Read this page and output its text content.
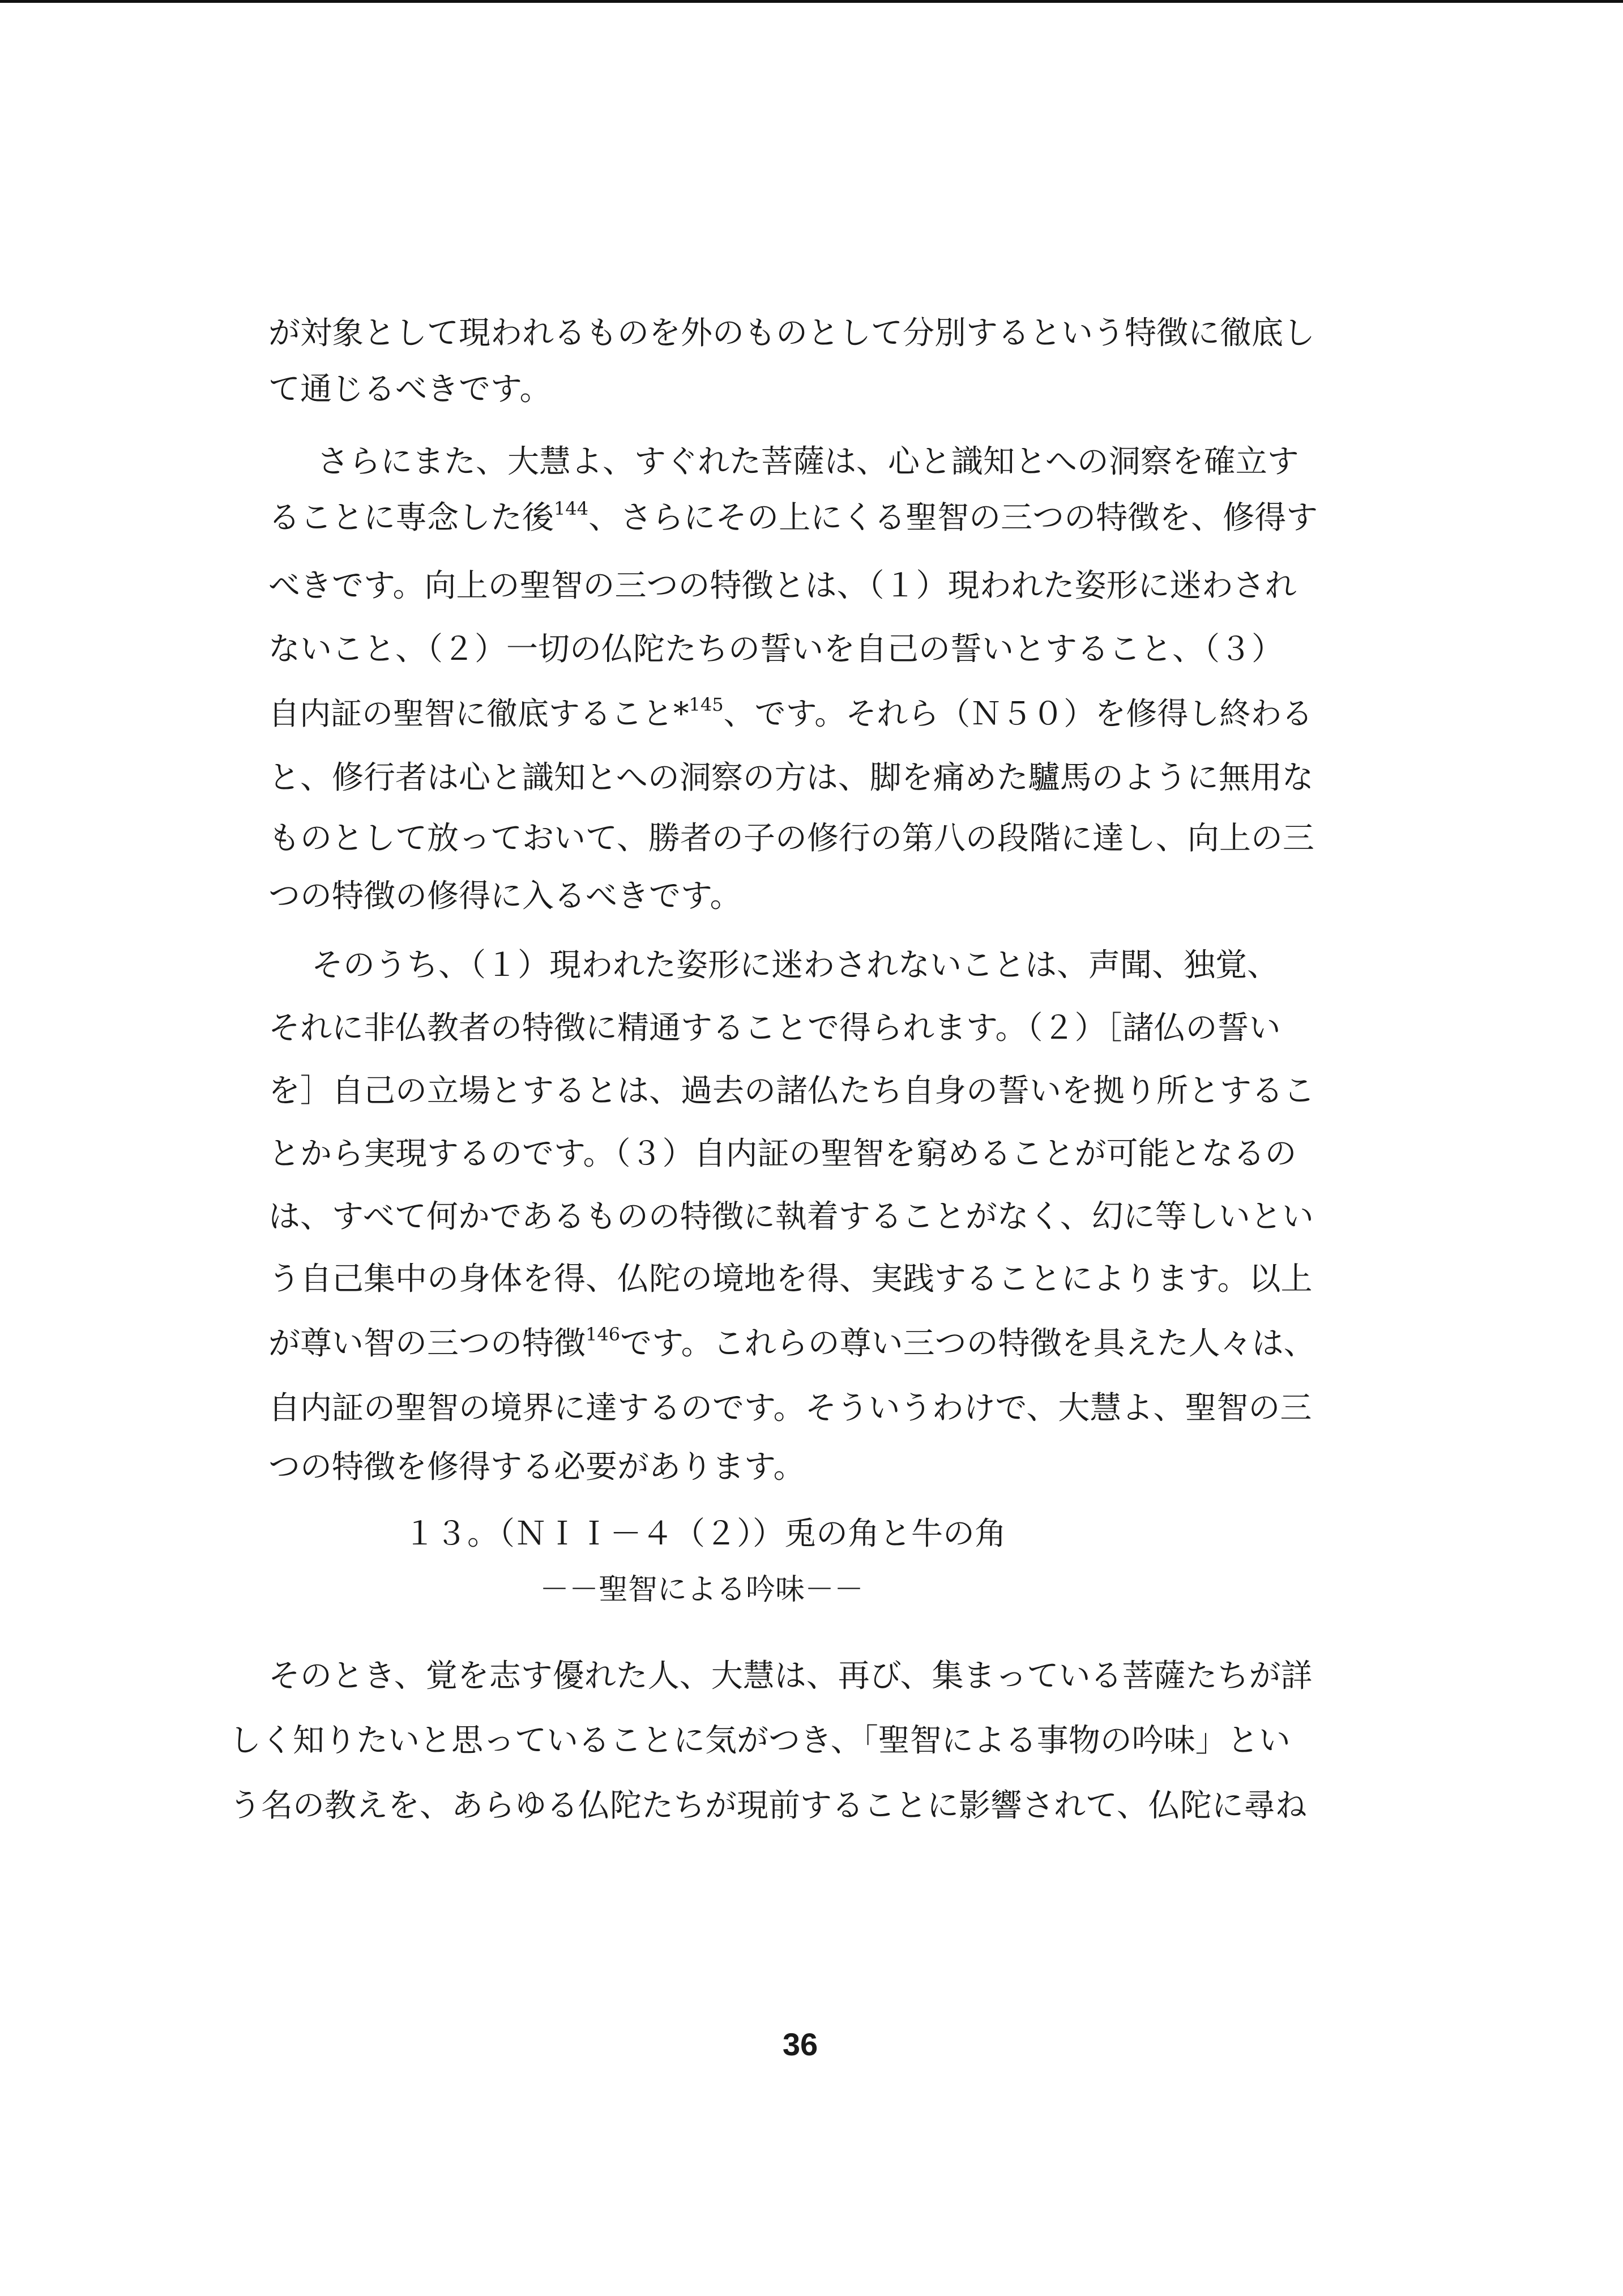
が対象として現われるものを外のものとして分別するという特徴に徹底し

て通じるべきです。

さらにまた、大慧よ、すぐれた菩薩は、心と識知とへの洞察を確立す

ることに専念した後$^{144}$、さらにその上にくる聖智の三つの特徴を、修得す

べきです。向上の聖智の三つの特徴とは、（１）現われた姿形に迷わされ

ないこと、（２）一切の仏陀たちの誓いを自己の誓いとすること、（３）

自内証の聖智に徹底すること*$^{145}$、です。それら（Ｎ５０）を修得し終わる

と、修行者は心と識知とへの洞察の方は、脚を痛めた驢馬のように無用な

ものとして放っておいて、勝者の子の修行の第八の段階に達し、向上の三

つの特徴の修得に入るべきです。

そのうち、（１）現われた姿形に迷わされないことは、声聞、独覚、

それに非仏教者の特徴に精通することで得られます。（２）［諸仏の誓い

を］自己の立場とするとは、過去の諸仏たち自身の誓いを拠り所とするこ

とから実現するのです。（３）自内証の聖智を窮めることが可能となるの

は、すべて何かであるものの特徴に執着することがなく、幻に等しいとい

う自己集中の身体を得、仏陀の境地を得、実践することによります。以上

が尊い智の三つの特徴$^{146}$です。これらの尊い三つの特徴を具えた人々は、

自内証の聖智の境界に達するのです。そういうわけで、大慧よ、聖智の三

つの特徴を修得する必要があります。

１３。（ＮＩＩ－４（２））兎の角と牛の角

－－聖智による吟味－－

そのとき、覚を志す優れた人、大慧は、再び、集まっている菩薩たちが詳

しく知りたいと思っていることに気がつき、「聖智による事物の吟味」とい

う名の教えを、あらゆる仏陀たちが現前することに影響されて、仏陀に尋ね

36
